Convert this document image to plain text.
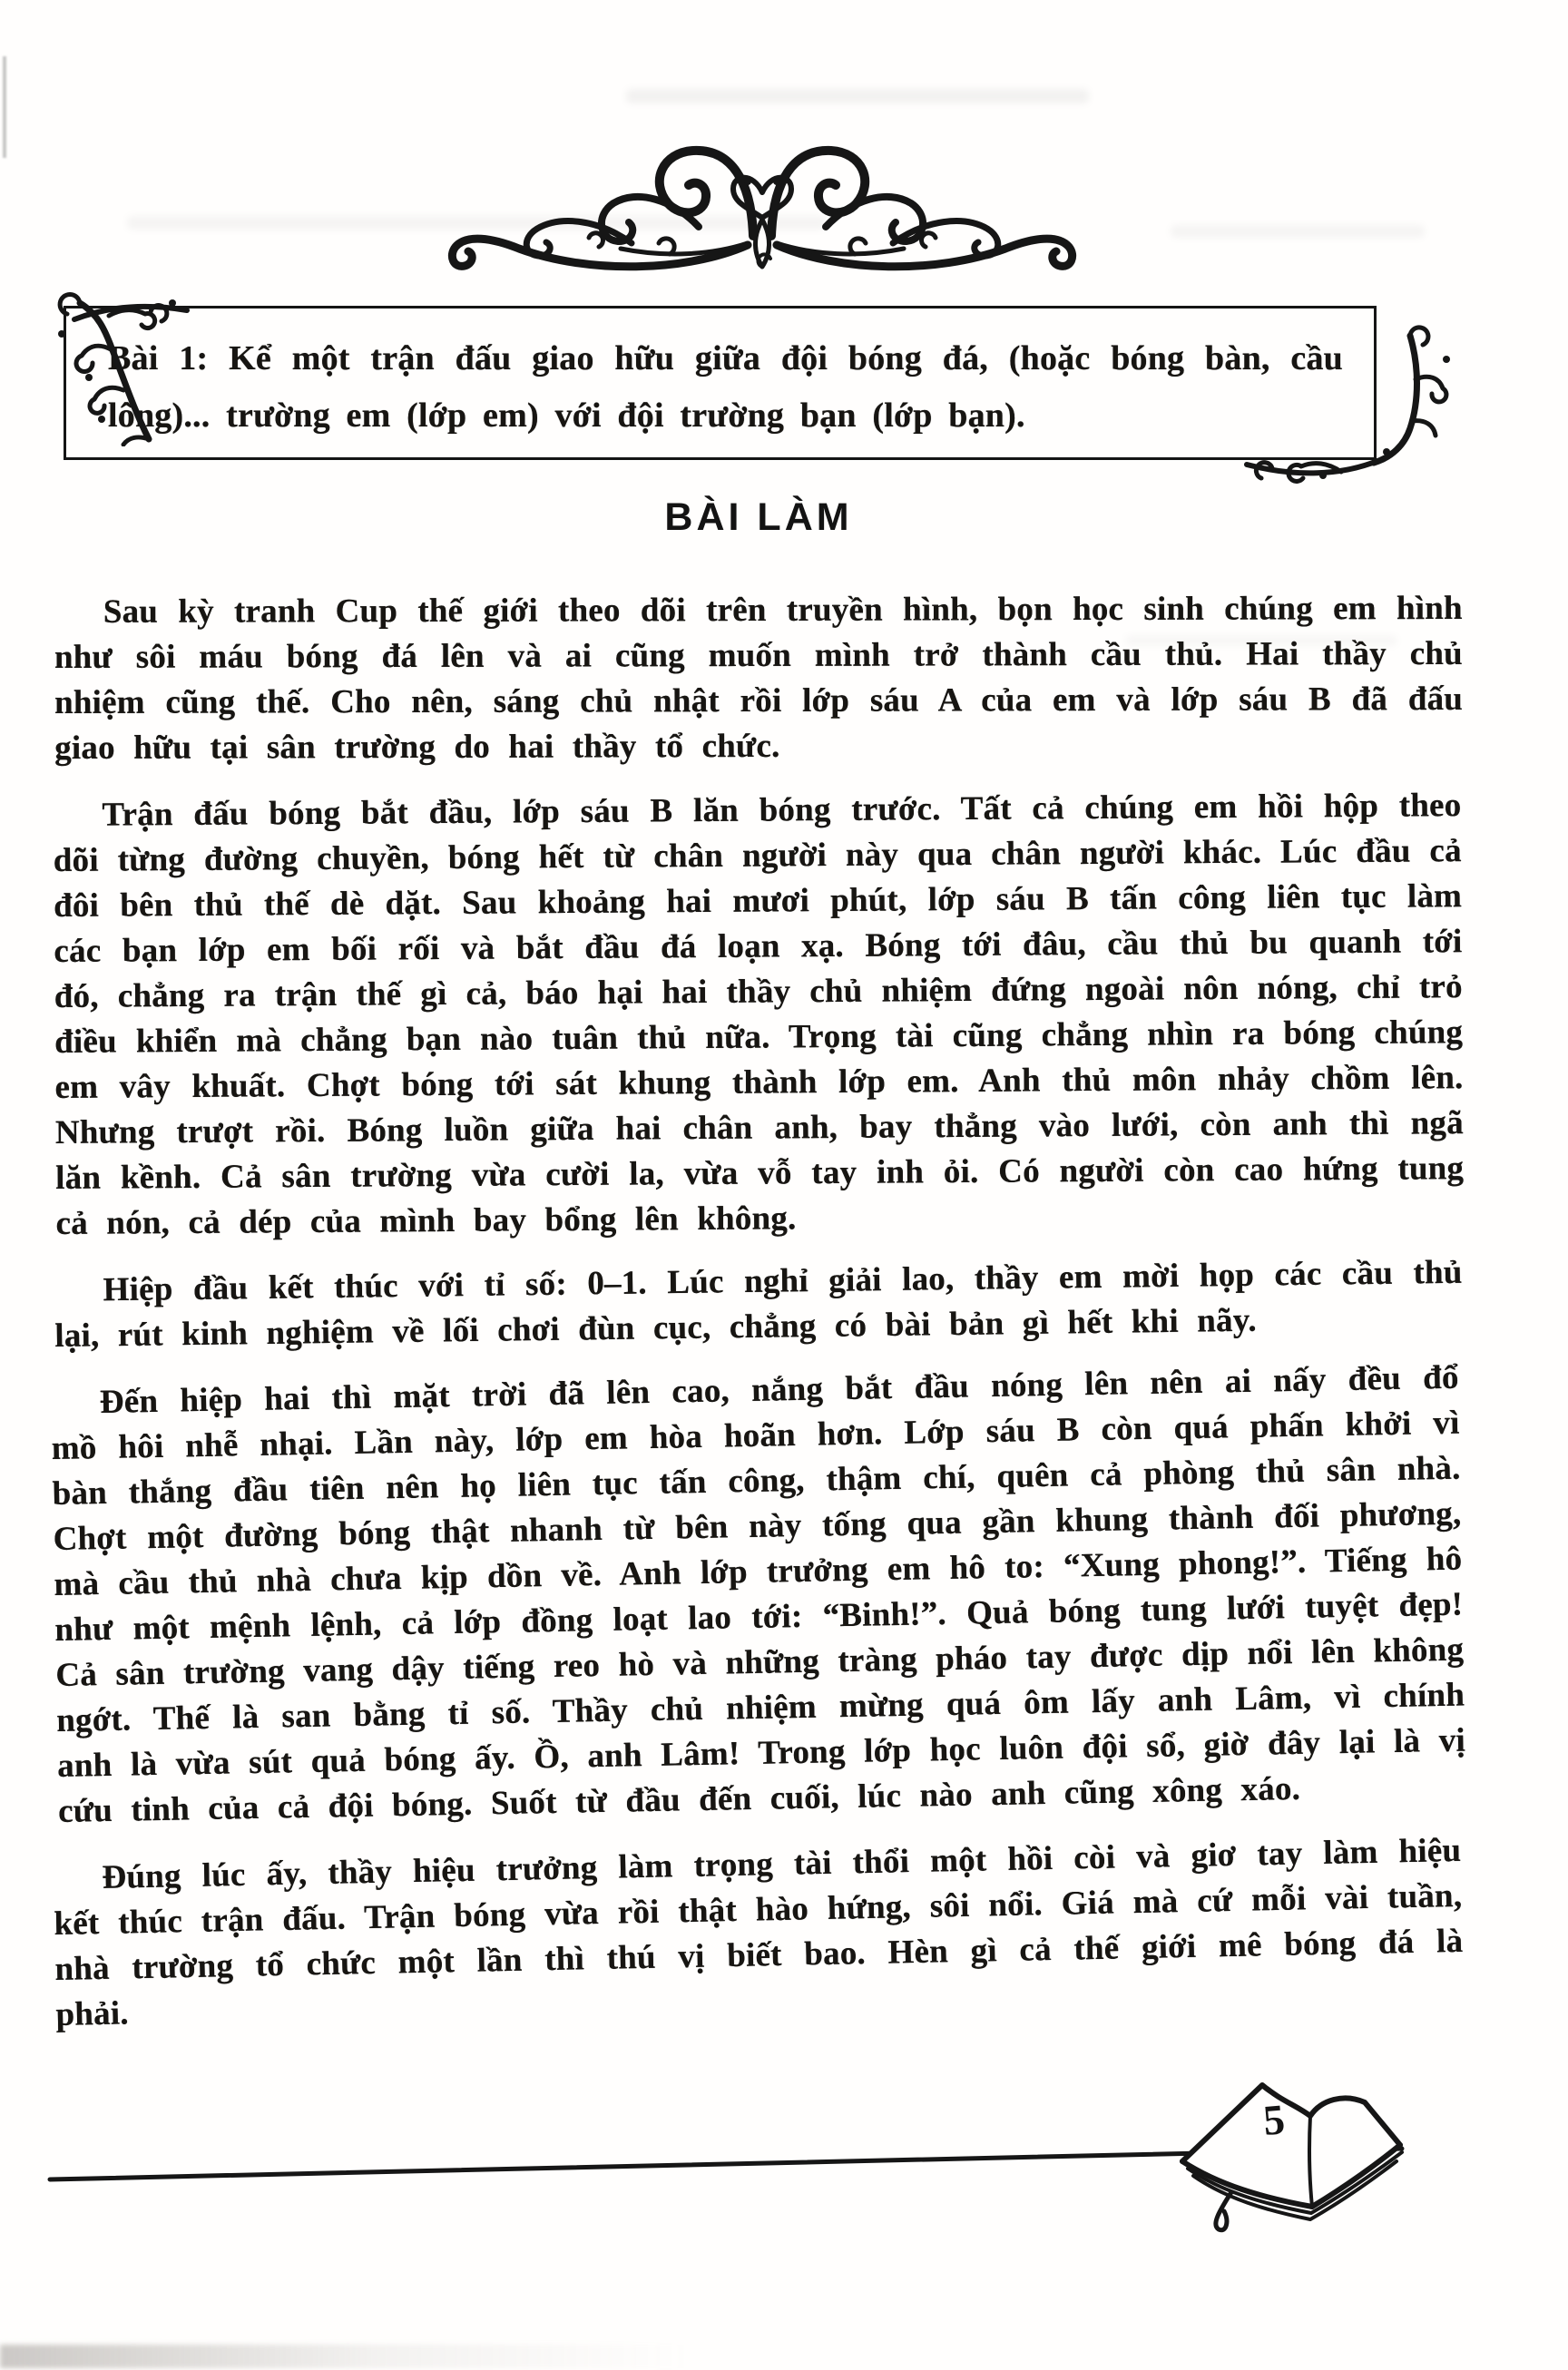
Bài 1: Kể một trận đấu giao hữu giữa đội bóng đá, (hoặc bóng bàn, cầu lông)... trường em (lớp em) với đội trường bạn (lớp bạn).

BÀI LÀM

Sau kỳ tranh Cup thế giới theo dõi trên truyền hình, bọn học sinh chúng em hình như sôi máu bóng đá lên và ai cũng muốn mình trở thành cầu thủ. Hai thầy chủ nhiệm cũng thế. Cho nên, sáng chủ nhật rồi lớp sáu A của em và lớp sáu B đã đấu giao hữu tại sân trường do hai thầy tổ chức.

Trận đấu bóng bắt đầu, lớp sáu B lăn bóng trước. Tất cả chúng em hồi hộp theo dõi từng đường chuyền, bóng hết từ chân người này qua chân người khác. Lúc đầu cả đôi bên thủ thế dè dặt. Sau khoảng hai mươi phút, lớp sáu B tấn công liên tục làm các bạn lớp em bối rối và bắt đầu đá loạn xạ. Bóng tới đâu, cầu thủ bu quanh tới đó, chẳng ra trận thế gì cả, báo hại hai thầy chủ nhiệm đứng ngoài nôn nóng, chỉ trỏ điều khiển mà chẳng bạn nào tuân thủ nữa. Trọng tài cũng chẳng nhìn ra bóng chúng em vây khuất. Chợt bóng tới sát khung thành lớp em. Anh thủ môn nhảy chồm lên. Nhưng trượt rồi. Bóng luồn giữa hai chân anh, bay thẳng vào lưới, còn anh thì ngã lăn kềnh. Cả sân trường vừa cười la, vừa vỗ tay inh ỏi. Có người còn cao hứng tung cả nón, cả dép của mình bay bổng lên không.

Hiệp đầu kết thúc với tỉ số: 0–1. Lúc nghỉ giải lao, thầy em mời họp các cầu thủ lại, rút kinh nghiệm về lối chơi đùn cục, chẳng có bài bản gì hết khi nãy.

Đến hiệp hai thì mặt trời đã lên cao, nắng bắt đầu nóng lên nên ai nấy đều đổ mồ hôi nhễ nhại. Lần này, lớp em hòa hoãn hơn. Lớp sáu B còn quá phấn khởi vì bàn thắng đầu tiên nên họ liên tục tấn công, thậm chí, quên cả phòng thủ sân nhà. Chợt một đường bóng thật nhanh từ bên này tống qua gần khung thành đối phương, mà cầu thủ nhà chưa kịp dồn về. Anh lớp trưởng em hô to: “Xung phong!”. Tiếng hô như một mệnh lệnh, cả lớp đồng loạt lao tới: “Binh!”. Quả bóng tung lưới tuyệt đẹp! Cả sân trường vang dậy tiếng reo hò và những tràng pháo tay được dịp nổi lên không ngớt. Thế là san bằng tỉ số. Thầy chủ nhiệm mừng quá ôm lấy anh Lâm, vì chính anh là vừa sút quả bóng ấy. Ồ, anh Lâm! Trong lớp học luôn đội sổ, giờ đây lại là vị cứu tinh của cả đội bóng. Suốt từ đầu đến cuối, lúc nào anh cũng xông xáo.

Đúng lúc ấy, thầy hiệu trưởng làm trọng tài thổi một hồi còi và giơ tay làm hiệu kết thúc trận đấu. Trận bóng vừa rồi thật hào hứng, sôi nổi. Giá mà cứ mỗi vài tuần, nhà trường tổ chức một lần thì thú vị biết bao. Hèn gì cả thế giới mê bóng đá là phải.

5
